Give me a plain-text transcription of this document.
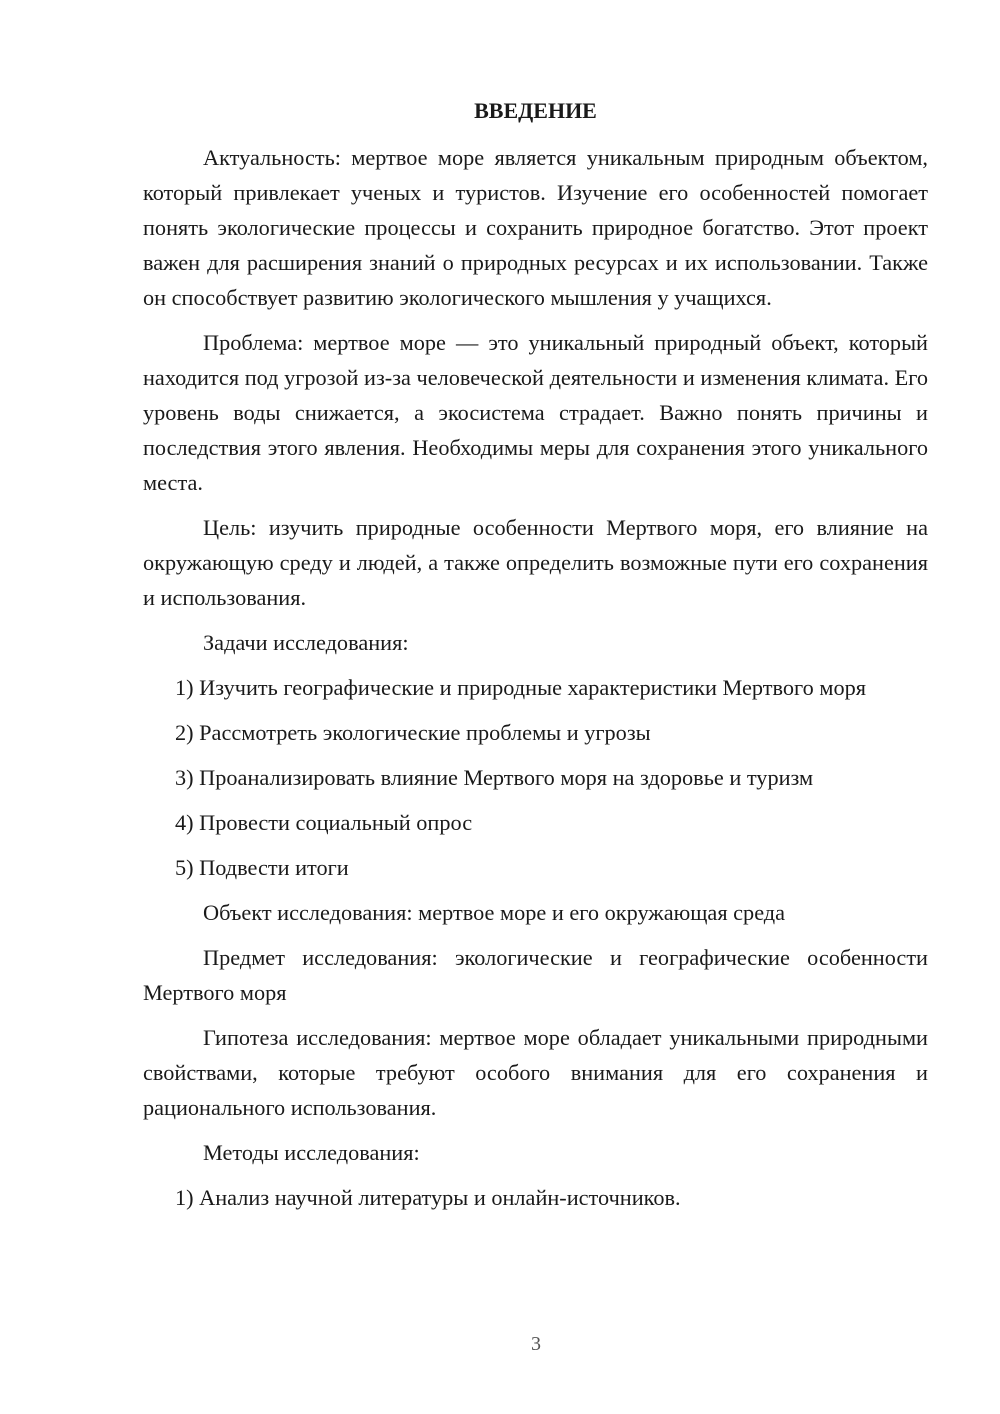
ВВЕДЕНИЕ

Актуальность: мертвое море является уникальным природным объектом, который привлекает ученых и туристов. Изучение его особенностей помогает понять экологические процессы и сохранить природное богатство. Этот проект важен для расширения знаний о природных ресурсах и их использовании. Также он способствует развитию экологического мышления у учащихся.

Проблема: мертвое море — это уникальный природный объект, который находится под угрозой из-за человеческой деятельности и изменения климата. Его уровень воды снижается, а экосистема страдает. Важно понять причины и последствия этого явления. Необходимы меры для сохранения этого уникального места.

Цель: изучить природные особенности Мертвого моря, его влияние на окружающую среду и людей, а также определить возможные пути его сохранения и использования.

Задачи исследования:

1) Изучить географические и природные характеристики Мертвого моря

2) Рассмотреть экологические проблемы и угрозы

3) Проанализировать влияние Мертвого моря на здоровье и туризм

4) Провести социальный опрос

5) Подвести итоги

Объект исследования: мертвое море и его окружающая среда

Предмет исследования: экологические и географические особенности Мертвого моря

Гипотеза исследования: мертвое море обладает уникальными природными свойствами, которые требуют особого внимания для его сохранения и рационального использования.

Методы исследования:

1) Анализ научной литературы и онлайн-источников.

3
